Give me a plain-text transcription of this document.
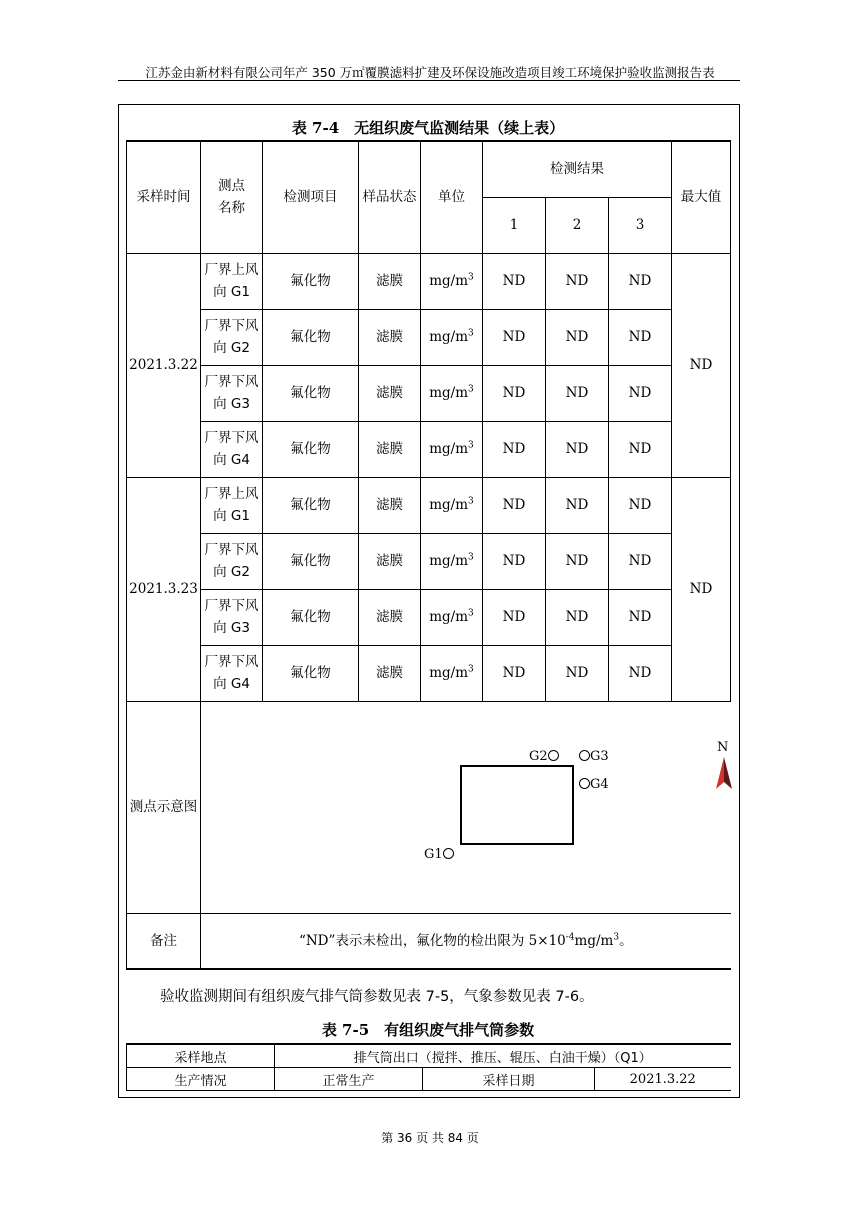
江苏金由新材料有限公司年产 350 万㎡覆膜滤料扩建及环保设施改造项目竣工环境保护验收监测报告表
表 7-4　无组织废气监测结果（续上表）
采样时间	测点名称	检测项目	样品状态	单位	检测结果			最大值
					1	2	3	
2021.3.22	厂界上风向 G1	氟化物	滤膜	$mg/m^3$	ND	ND	ND	ND

	厂界下风向 G2	氟化物	滤膜	$mg/m^3$	ND	ND	ND	

	厂界下风向 G3	氟化物	滤膜	$mg/m^3$	ND	ND	ND	

	厂界下风向 G4	氟化物	滤膜	$mg/m^3$	ND	ND	ND	
2021.3.23	厂界上风向 G1	氟化物	滤膜	$mg/m^3$	ND	ND	ND	ND

	厂界下风向 G2	氟化物	滤膜	$mg/m^3$	ND	ND	ND	

	厂界下风向 G3	氟化物	滤膜	$mg/m^3$	ND	ND	ND	

	厂界下风向 G4	氟化物	滤膜	$mg/m^3$	ND	ND	ND	
测点示意图								
备注	“ND”表示未检出，氟化物的检出限为 $5\times 10^{-4}mg/m^3$。							
G2	G3
G4
G1
N
验收监测期间有组织废气排气筒参数见表 7-5，气象参数见表 7-6。
表 7-5　有组织废气排气筒参数
采样地点	排气筒出口（搅拌、推压、辊压、白油干燥）（Q1）		
生产情况	正常生产	采样日期	2021.3.22
第 36 页 共 84 页
